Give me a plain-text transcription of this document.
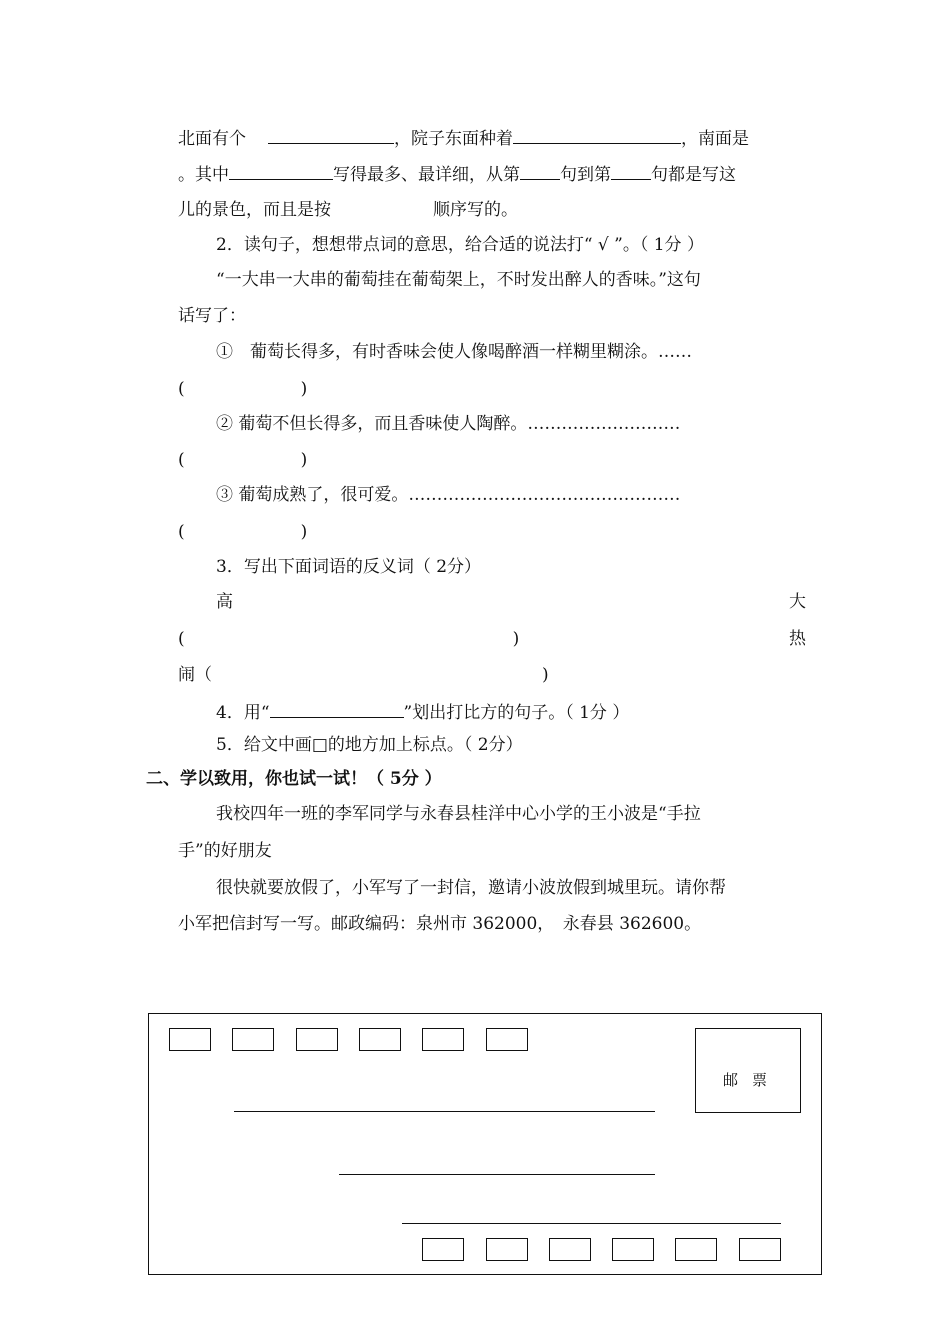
北面有个	，院子东面种着	，南面是
。其中	写得最多、最详细，从第 句到第 句都是写这
儿的景色，而且是按	顺序写的。
2．读句子，想想带点词的意思，给合适的说法打“ √ ”。（ 1分 ）
“一大串一大串的葡萄挂在葡萄架上，不时发出醉人的香味。”这句
话写了：
①　葡萄长得多，有时香味会使人像喝醉酒一样糊里糊涂。……
(	)
② 葡萄不但长得多，而且香味使人陶醉。………………………
(	)
③ 葡萄成熟了，很可爱。…………………………………………
(	)
3．写出下面词语的反义词（ 2分）
高	大
(	)	热
闹（	)
4．用“	”划出打比方的句子。（ 1分 ）
5．给文中画□的地方加上标点。（ 2分）
二、学以致用，你也试一试！（ 5分 ）
我校四年一班的李军同学与永春县桂洋中心小学的王小波是“手拉
手”的好朋友
很快就要放假了，小军写了一封信，邀请小波放假到城里玩。请你帮
小军把信封写一写。邮政编码：泉州市 362000，　永春县 362600。
邮票
